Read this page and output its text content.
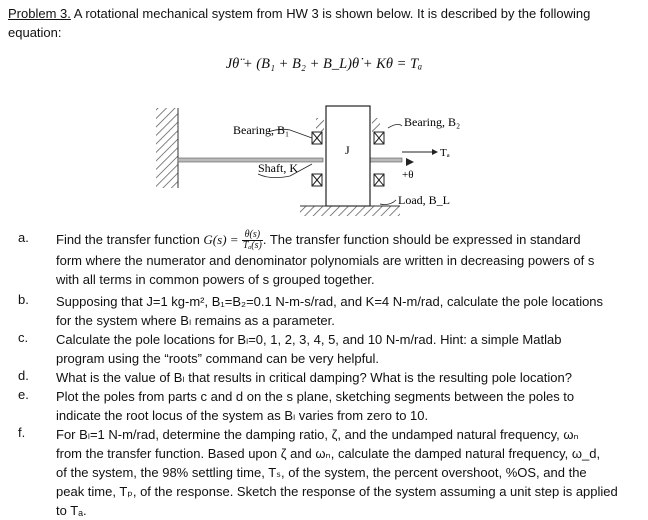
Problem 3. A rotational mechanical system from HW 3 is shown below. It is described by the following
equation:
Jθ̈ + (B₁ + B₂ + B_L)θ̇ + Kθ = Tₐ
Bearing, B₁
Bearing, B₂
Shaft, K
J	Tₐ
+θ
Load, B_L
a.	Find the transfer function $G(s) = \frac{\theta(s)}{\text{Tₐ(s)}}$ . The transfer function should be expressed in standard
form where the numerator and denominator polynomials are written in decreasing powers of s
with all terms in common powers of s grouped together.
b.	Supposing that J=1 kg-m², B₁=B₂=0.1 N-m-s/rad, and K=4 N-m/rad, calculate the pole locations
for the system where Bₗ remains as a parameter.
c.	Calculate the pole locations for Bₗ=0, 1, 2, 3, 4, 5, and 10 N-m/rad. Hint: a simple Matlab
program using the “roots” command can be very helpful.
d.	What is the value of Bₗ that results in critical damping? What is the resulting pole location?
e.	Plot the poles from parts c and d on the s plane, sketching segments between the poles to
indicate the root locus of the system as Bₗ varies from zero to 10.
f.	For Bₗ=1 N-m/rad, determine the damping ratio, ζ, and the undamped natural frequency, ωₙ
from the transfer function. Based upon ζ and ωₙ, calculate the damped natural frequency, ω_d,
of the system, the 98% settling time, Tₛ, of the system, the percent overshoot, %OS, and the
peak time, Tₚ, of the response. Sketch the response of the system assuming a unit step is applied
to Tₐ.
